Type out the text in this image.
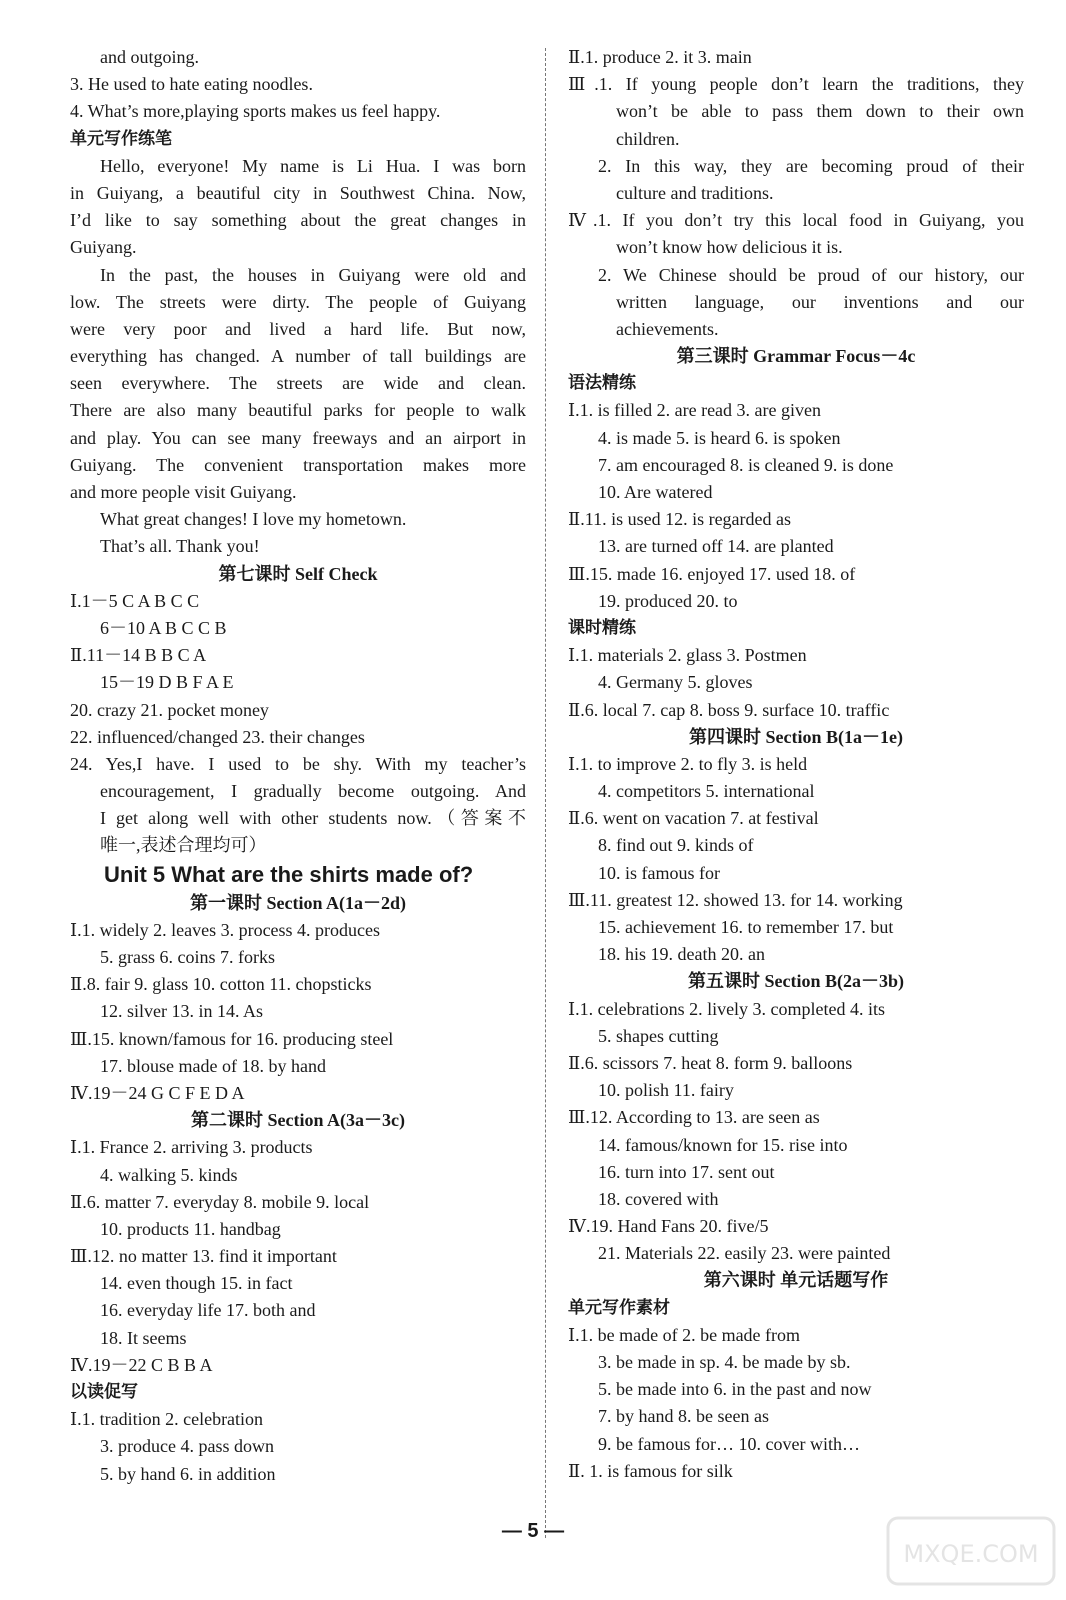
and outgoing.
3. He used to hate eating noodles.
4. What’s more,playing sports makes us feel happy.
单元写作练笔
Hello, everyone! My name is Li Hua. I was born
in Guiyang, a beautiful city in Southwest China. Now,
I’d like to say something about the great changes in
Guiyang.
In the past, the houses in Guiyang were old and
low. The streets were dirty. The people of Guiyang
were very poor and lived a hard life. But now,
everything has changed. A number of tall buildings are
seen everywhere. The streets are wide and clean.
There are also many beautiful parks for people to walk
and play. You can see many freeways and an airport in
Guiyang. The convenient transportation makes more
and more people visit Guiyang.
What great changes! I love my hometown.
That’s all. Thank you!
第七课时 Self Check
Ⅰ.1－5 C A B C C
6－10 A B C C B
Ⅱ.11－14 B B C A
15－19 D B F A E
20. crazy 21. pocket money
22. influenced/changed 23. their changes
24. Yes,I have. I used to be shy. With my teacher’s
encouragement, I gradually become outgoing. And
I get along well with other students now.（答案不
唯一,表述合理均可）
Unit 5 What are the shirts made of?
第一课时 Section A(1a－2d)
Ⅰ.1. widely 2. leaves 3. process 4. produces
5. grass 6. coins 7. forks
Ⅱ.8. fair 9. glass 10. cotton 11. chopsticks
12. silver 13. in 14. As
Ⅲ.15. known/famous for 16. producing steel
17. blouse made of 18. by hand
Ⅳ.19－24 G C F E D A
第二课时 Section A(3a－3c)
Ⅰ.1. France 2. arriving 3. products
4. walking 5. kinds
Ⅱ.6. matter 7. everyday 8. mobile 9. local
10. products 11. handbag
Ⅲ.12. no matter 13. find it important
14. even though 15. in fact
16. everyday life 17. both and
18. It seems
Ⅳ.19－22 C B B A
以读促写
Ⅰ.1. tradition 2. celebration
3. produce 4. pass down
5. by hand 6. in addition
Ⅱ.1. produce 2. it 3. main
Ⅲ.1. If young people don’t learn the traditions, they
won’t be able to pass them down to their own
children.
2. In this way, they are becoming proud of their
culture and traditions.
Ⅳ.1. If you don’t try this local food in Guiyang, you
won’t know how delicious it is.
2. We Chinese should be proud of our history, our
written language, our inventions and our
achievements.
第三课时 Grammar Focus－4c
语法精练
Ⅰ.1. is filled 2. are read 3. are given
4. is made 5. is heard 6. is spoken
7. am encouraged 8. is cleaned 9. is done
10. Are watered
Ⅱ.11. is used 12. is regarded as
13. are turned off 14. are planted
Ⅲ.15. made 16. enjoyed 17. used 18. of
19. produced 20. to
课时精练
Ⅰ.1. materials 2. glass 3. Postmen
4. Germany 5. gloves
Ⅱ.6. local 7. cap 8. boss 9. surface 10. traffic
第四课时 Section B(1a－1e)
Ⅰ.1. to improve 2. to fly 3. is held
4. competitors 5. international
Ⅱ.6. went on vacation 7. at festival
8. find out 9. kinds of
10. is famous for
Ⅲ.11. greatest 12. showed 13. for 14. working
15. achievement 16. to remember 17. but
18. his 19. death 20. an
第五课时 Section B(2a－3b)
Ⅰ.1. celebrations 2. lively 3. completed 4. its
5. shapes cutting
Ⅱ.6. scissors 7. heat 8. form 9. balloons
10. polish 11. fairy
Ⅲ.12. According to 13. are seen as
14. famous/known for 15. rise into
16. turn into 17. sent out
18. covered with
Ⅳ.19. Hand Fans 20. five/5
21. Materials 22. easily 23. were painted
第六课时 单元话题写作
单元写作素材
Ⅰ.1. be made of 2. be made from
3. be made in sp. 4. be made by sb.
5. be made into 6. in the past and now
7. by hand 8. be seen as
9. be famous for… 10. cover with…
Ⅱ. 1. is famous for silk
— 5 —
MXQE.COM
